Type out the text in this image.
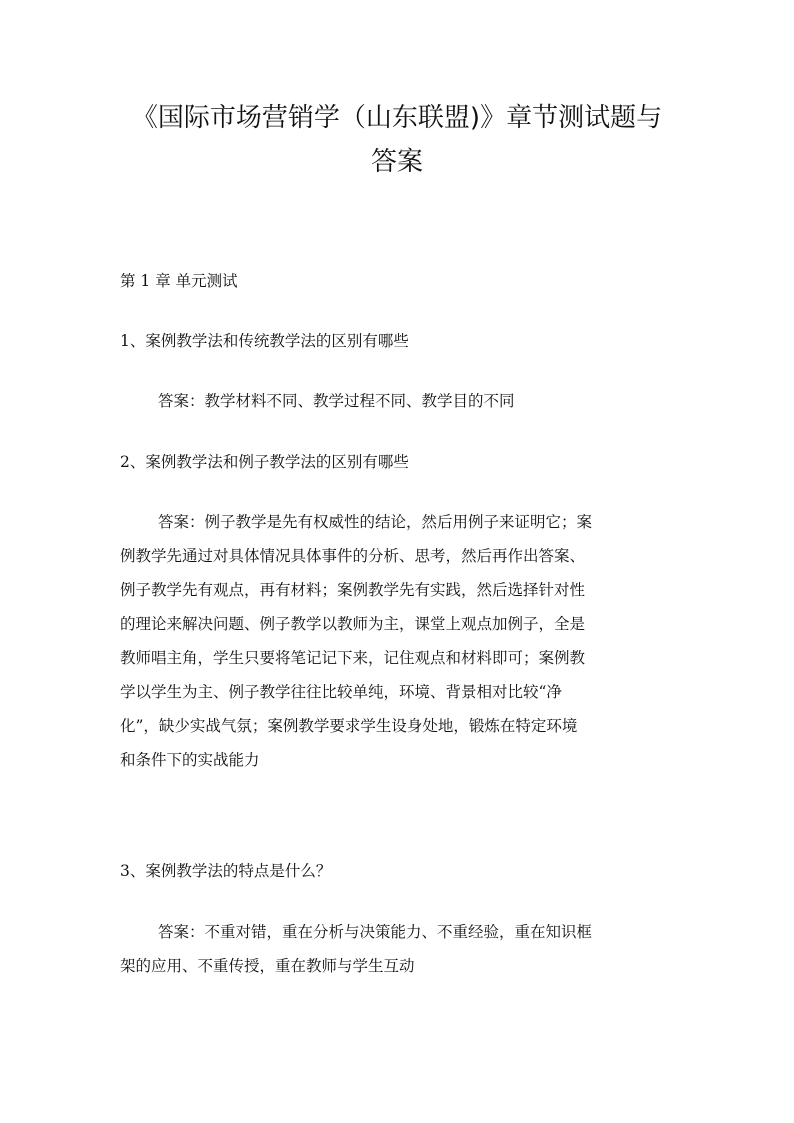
《国际市场营销学（山东联盟)》章节测试题与
答案

第 1 章 单元测试

1、案例教学法和传统教学法的区别有哪些

答案：教学材料不同、教学过程不同、教学目的不同

2、案例教学法和例子教学法的区别有哪些

答案：例子教学是先有权威性的结论，然后用例子来证明它；案
例教学先通过对具体情况具体事件的分析、思考，然后再作出答案、
例子教学先有观点，再有材料；案例教学先有实践，然后选择针对性
的理论来解决问题、例子教学以教师为主，课堂上观点加例子，全是
教师唱主角，学生只要将笔记记下来，记住观点和材料即可；案例教
学以学生为主、例子教学往往比较单纯，环境、背景相对比较“净
化”，缺少实战气氛；案例教学要求学生设身处地，锻炼在特定环境
和条件下的实战能力

3、案例教学法的特点是什么？

答案：不重对错，重在分析与决策能力、不重经验，重在知识框
架的应用、不重传授，重在教师与学生互动
